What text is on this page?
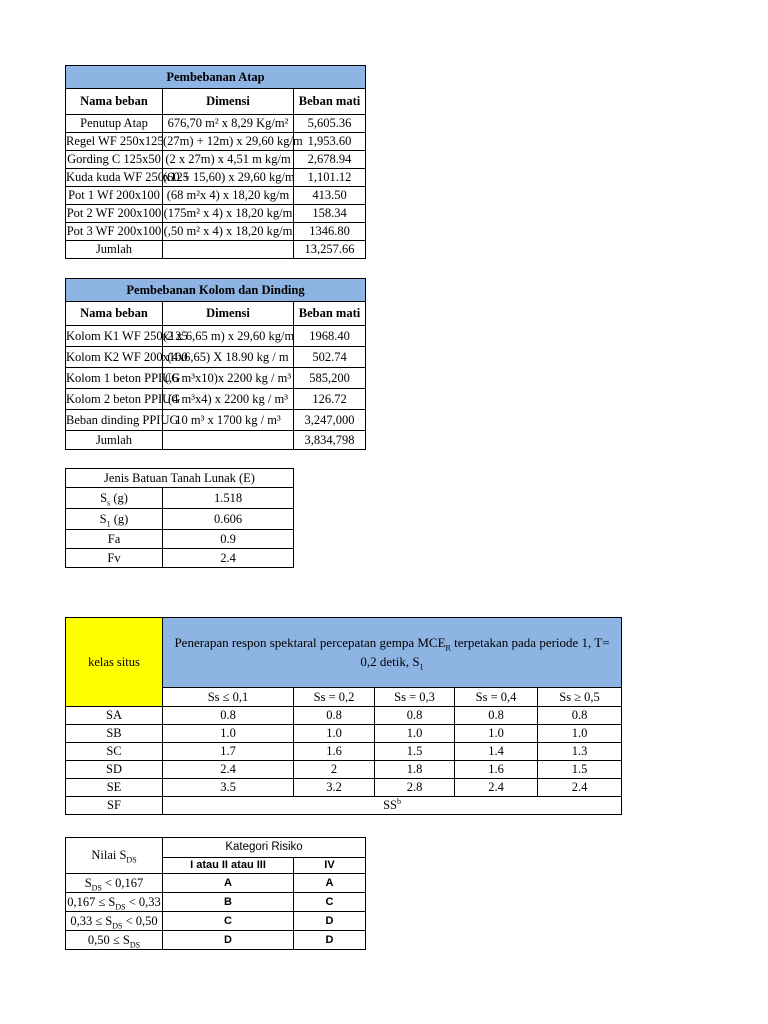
Pembebanan Atap		
Nama beban	Dimensi	Beban mati
Penutup Atap	676,70 m² x 8,29 Kg/m²	5,605.36
Regel WF 250x125	(27m) + 12m) x 29,60 kg/m	1,953.60
Gording C 125x50	(2 x 27m) x 4,51 m kg/m	2,678.94
Kuda kuda WF 250x125	(60 + 15,60) x 29,60 kg/m	1,101.12
Pot 1 Wf 200x100	(68 m²x 4) x 18,20 kg/m	413.50
Pot 2 WF 200x100	(175m² x 4) x 18,20 kg/m	158.34
Pot 3 WF 200x100	(,50 m² x 4) x 18,20 kg/m	1346.80
Jumlah		13,257.66
Pembebanan Kolom dan Dinding		
Nama beban	Dimensi	Beban mati
Kolom K1 WF 250x125	(2 x 6,65 m) x 29,60 kg/m	1968.40
Kolom K2 WF 200x100	(4x6,65) X 18.90 kg / m	502.74
Kolom 1 beton PPIUG	(,6 m³x10)x 2200 kg / m³	585,200
Kolom 2 beton PPIUG	(4 m³x4) x 2200 kg / m³	126.72
Beban dinding PPIUG	10 m³ x 1700 kg / m³	3,247,000
Jumlah		3,834,798
Jenis Batuan Tanah Lunak (E)	
$S_s$ (g)	1.518
$S_1$ (g)	0.606
Fa	0.9
Fv	2.4
kelas situs	Penerapan respon spektaral percepatan gempa $MCE_R$ terpetakan pada periode 1, T= 0,2 detik, $S_1$
	Ss ≤ 0,1	Ss = 0,2	Ss = 0,3	Ss = 0,4	Ss ≥ 0,5
SA	0.8	0.8	0.8	0.8	0.8
SB	1.0	1.0	1.0	1.0	1.0
SC	1.7	1.6	1.5	1.4	1.3
SD	2.4	2	1.8	1.6	1.5
SE	3.5	3.2	2.8	2.4	2.4
SF	$SS^b$
Nilai $S_{DS}$	Kategori Risiko	
	I atau II atau III	IV
$S_{DS} < 0,167$	A	A
$0,167 \le S_{DS} < 0,33$	B	C
$0,33 \le S_{DS} < 0,50$	C	D
$0,50 \le S_{DS}$	D	D
